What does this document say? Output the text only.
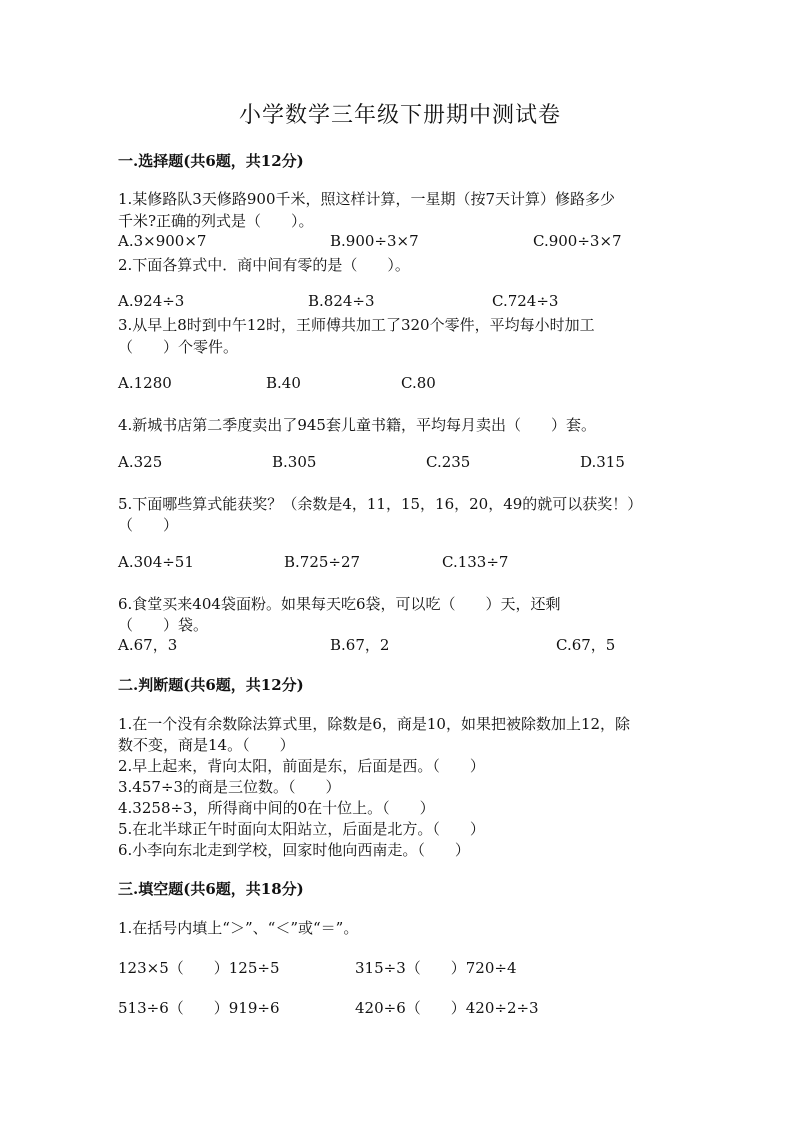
小学数学三年级下册期中测试卷
一.选择题(共6题，共12分)
1.某修路队3天修路900千米，照这样计算，一星期（按7天计算）修路多少
千米?正确的列式是（　　）。
A.3×900×7	B.900÷3×7	C.900÷3×7
2.下面各算式中．商中间有零的是（　　）。
A.924÷3	B.824÷3	C.724÷3
3.从早上8时到中午12时，王师傅共加工了320个零件，平均每小时加工
（　　）个零件。
A.1280	B.40	C.80
4.新城书店第二季度卖出了945套儿童书籍，平均每月卖出（　　）套。
A.325	B.305	C.235	D.315
5.下面哪些算式能获奖？（余数是4，11，15，16，20，49的就可以获奖！）
（　　）
A.304÷51	B.725÷27	C.133÷7
6.食堂买来404袋面粉。如果每天吃6袋，可以吃（　　）天，还剩
（　　）袋。
A.67，3	B.67，2	C.67，5
二.判断题(共6题，共12分)
1.在一个没有余数除法算式里，除数是6，商是10，如果把被除数加上12，除
数不变，商是14。（　　）
2.早上起来，背向太阳，前面是东，后面是西。（　　）
3.457÷3的商是三位数。（　　）
4.3258÷3，所得商中间的0在十位上。（　　）
5.在北半球正午时面向太阳站立，后面是北方。（　　）
6.小李向东北走到学校，回家时他向西南走。（　　）
三.填空题(共6题，共18分)
1.在括号内填上“＞”、“＜”或“＝”。
123×5（　　）125÷5	315÷3（　　）720÷4
513÷6（　　）919÷6	420÷6（　　）420÷2÷3
